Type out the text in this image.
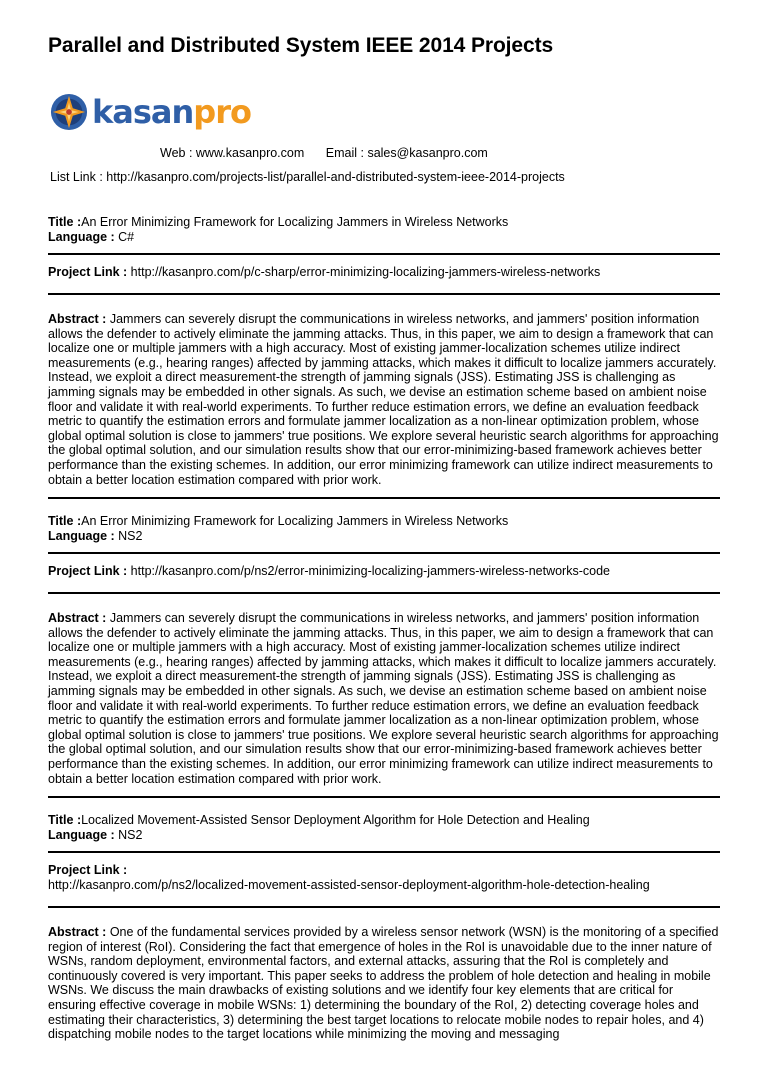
Parallel and Distributed System IEEE 2014 Projects
kasanpro
Web : www.kasanpro.com Email : sales@kasanpro.com
List Link : http://kasanpro.com/projects-list/parallel-and-distributed-system-ieee-2014-projects
Title :An Error Minimizing Framework for Localizing Jammers in Wireless Networks
Language : C#
Project Link : http://kasanpro.com/p/c-sharp/error-minimizing-localizing-jammers-wireless-networks
Abstract : Jammers can severely disrupt the communications in wireless networks, and jammers' position information allows the defender to actively eliminate the jamming attacks. Thus, in this paper, we aim to design a framework that can localize one or multiple jammers with a high accuracy. Most of existing jammer-localization schemes utilize indirect measurements (e.g., hearing ranges) affected by jamming attacks, which makes it difficult to localize jammers accurately. Instead, we exploit a direct measurement-the strength of jamming signals (JSS). Estimating JSS is challenging as jamming signals may be embedded in other signals. As such, we devise an estimation scheme based on ambient noise floor and validate it with real-world experiments. To further reduce estimation errors, we define an evaluation feedback metric to quantify the estimation errors and formulate jammer localization as a non-linear optimization problem, whose global optimal solution is close to jammers' true positions. We explore several heuristic search algorithms for approaching the global optimal solution, and our simulation results show that our error-minimizing-based framework achieves better performance than the existing schemes. In addition, our error minimizing framework can utilize indirect measurements to obtain a better location estimation compared with prior work.
Title :An Error Minimizing Framework for Localizing Jammers in Wireless Networks
Language : NS2
Project Link : http://kasanpro.com/p/ns2/error-minimizing-localizing-jammers-wireless-networks-code
Abstract : Jammers can severely disrupt the communications in wireless networks, and jammers' position information allows the defender to actively eliminate the jamming attacks. Thus, in this paper, we aim to design a framework that can localize one or multiple jammers with a high accuracy. Most of existing jammer-localization schemes utilize indirect measurements (e.g., hearing ranges) affected by jamming attacks, which makes it difficult to localize jammers accurately. Instead, we exploit a direct measurement-the strength of jamming signals (JSS). Estimating JSS is challenging as jamming signals may be embedded in other signals. As such, we devise an estimation scheme based on ambient noise floor and validate it with real-world experiments. To further reduce estimation errors, we define an evaluation feedback metric to quantify the estimation errors and formulate jammer localization as a non-linear optimization problem, whose global optimal solution is close to jammers' true positions. We explore several heuristic search algorithms for approaching the global optimal solution, and our simulation results show that our error-minimizing-based framework achieves better performance than the existing schemes. In addition, our error minimizing framework can utilize indirect measurements to obtain a better location estimation compared with prior work.
Title :Localized Movement-Assisted Sensor Deployment Algorithm for Hole Detection and Healing
Language : NS2
Project Link :
http://kasanpro.com/p/ns2/localized-movement-assisted-sensor-deployment-algorithm-hole-detection-healing
Abstract : One of the fundamental services provided by a wireless sensor network (WSN) is the monitoring of a specified region of interest (RoI). Considering the fact that emergence of holes in the RoI is unavoidable due to the inner nature of WSNs, random deployment, environmental factors, and external attacks, assuring that the RoI is completely and continuously covered is very important. This paper seeks to address the problem of hole detection and healing in mobile WSNs. We discuss the main drawbacks of existing solutions and we identify four key elements that are critical for ensuring effective coverage in mobile WSNs: 1) determining the boundary of the RoI, 2) detecting coverage holes and estimating their characteristics, 3) determining the best target locations to relocate mobile nodes to repair holes, and 4) dispatching mobile nodes to the target locations while minimizing the moving and messaging
